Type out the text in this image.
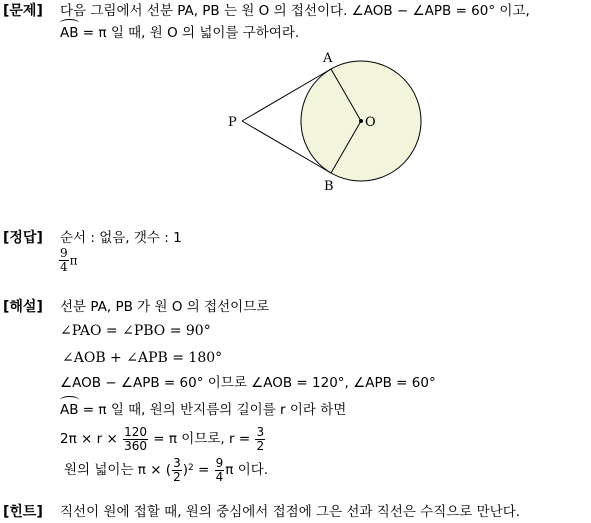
[문제] 다음 그림에서 선분 PA, PB 는 원 O 의 접선이다. ∠AOB − ∠APB = 60° 이고,
AB = π 일 때, 원 O 의 넓이를 구하여라.
P
A
B
O
[정답] 순서 : 없음, 갯수 : 1
$\frac{9}{4}$ π
[해설] 선분 PA, PB 가 원 O 의 접선이므로
∠PAO = ∠PBO = 90°
∠AOB + ∠APB = 180°
∠AOB − ∠APB = 60° 이므로 ∠AOB = 120°, ∠APB = 60°
AB = π 일 때, 원의 반지름의 길이를 r 이라 하면
$2\pi \times r \times \frac{120}{360} = \pi$ 이므로, $r = \frac{3}{2}$
원의 넓이는 π × ( $\frac{3}{2} )^2 = \frac{9}{4}$ π 이다.
[힌트] 직선이 원에 접할 때, 원의 중심에서 접점에 그은 선과 직선은 수직으로 만난다.
